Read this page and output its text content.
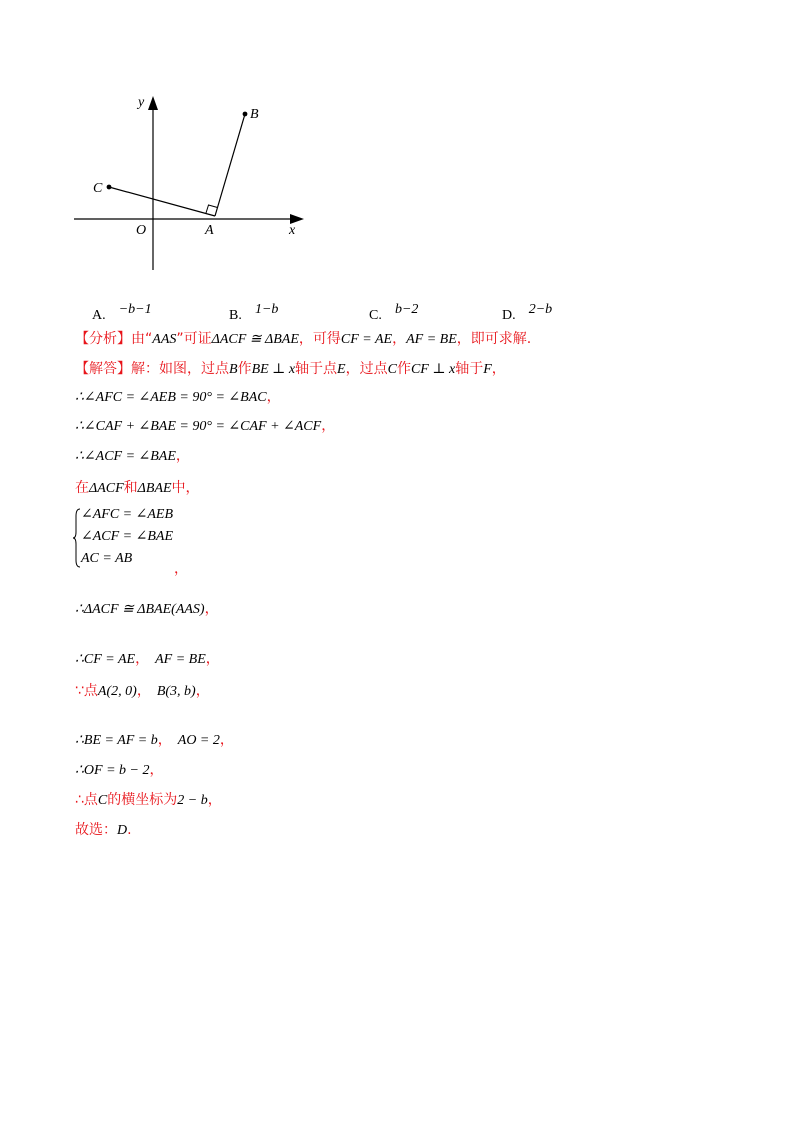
y
x
O	A
B
C
A. −b−1	B. 1−b	C. b−2	D. 2−b
【分析】由“AAS”可证ΔACF ≅ ΔBAE，可得CF = AE，AF = BE，即可求解.
【解答】解：如图，过点B作BE ⊥ x轴于点E，过点C作CF ⊥ x轴于F，
∴∠AFC = ∠AEB = 90° = ∠BAC，
∴∠CAF + ∠BAE = 90° = ∠CAF + ∠ACF，
∴∠ACF = ∠BAE，
在ΔACF和ΔBAE中，
∠AFC = ∠AEB
∠ACF = ∠BAE
AC = AB
，
∴ΔACF ≅ ΔBAE(AAS)，
∴CF = AE， AF = BE，
∵点A(2, 0)， B(3, b)，
∴BE = AF = b， AO = 2，
∴OF = b − 2，
∴点C的横坐标为2 − b，
故选：D.
